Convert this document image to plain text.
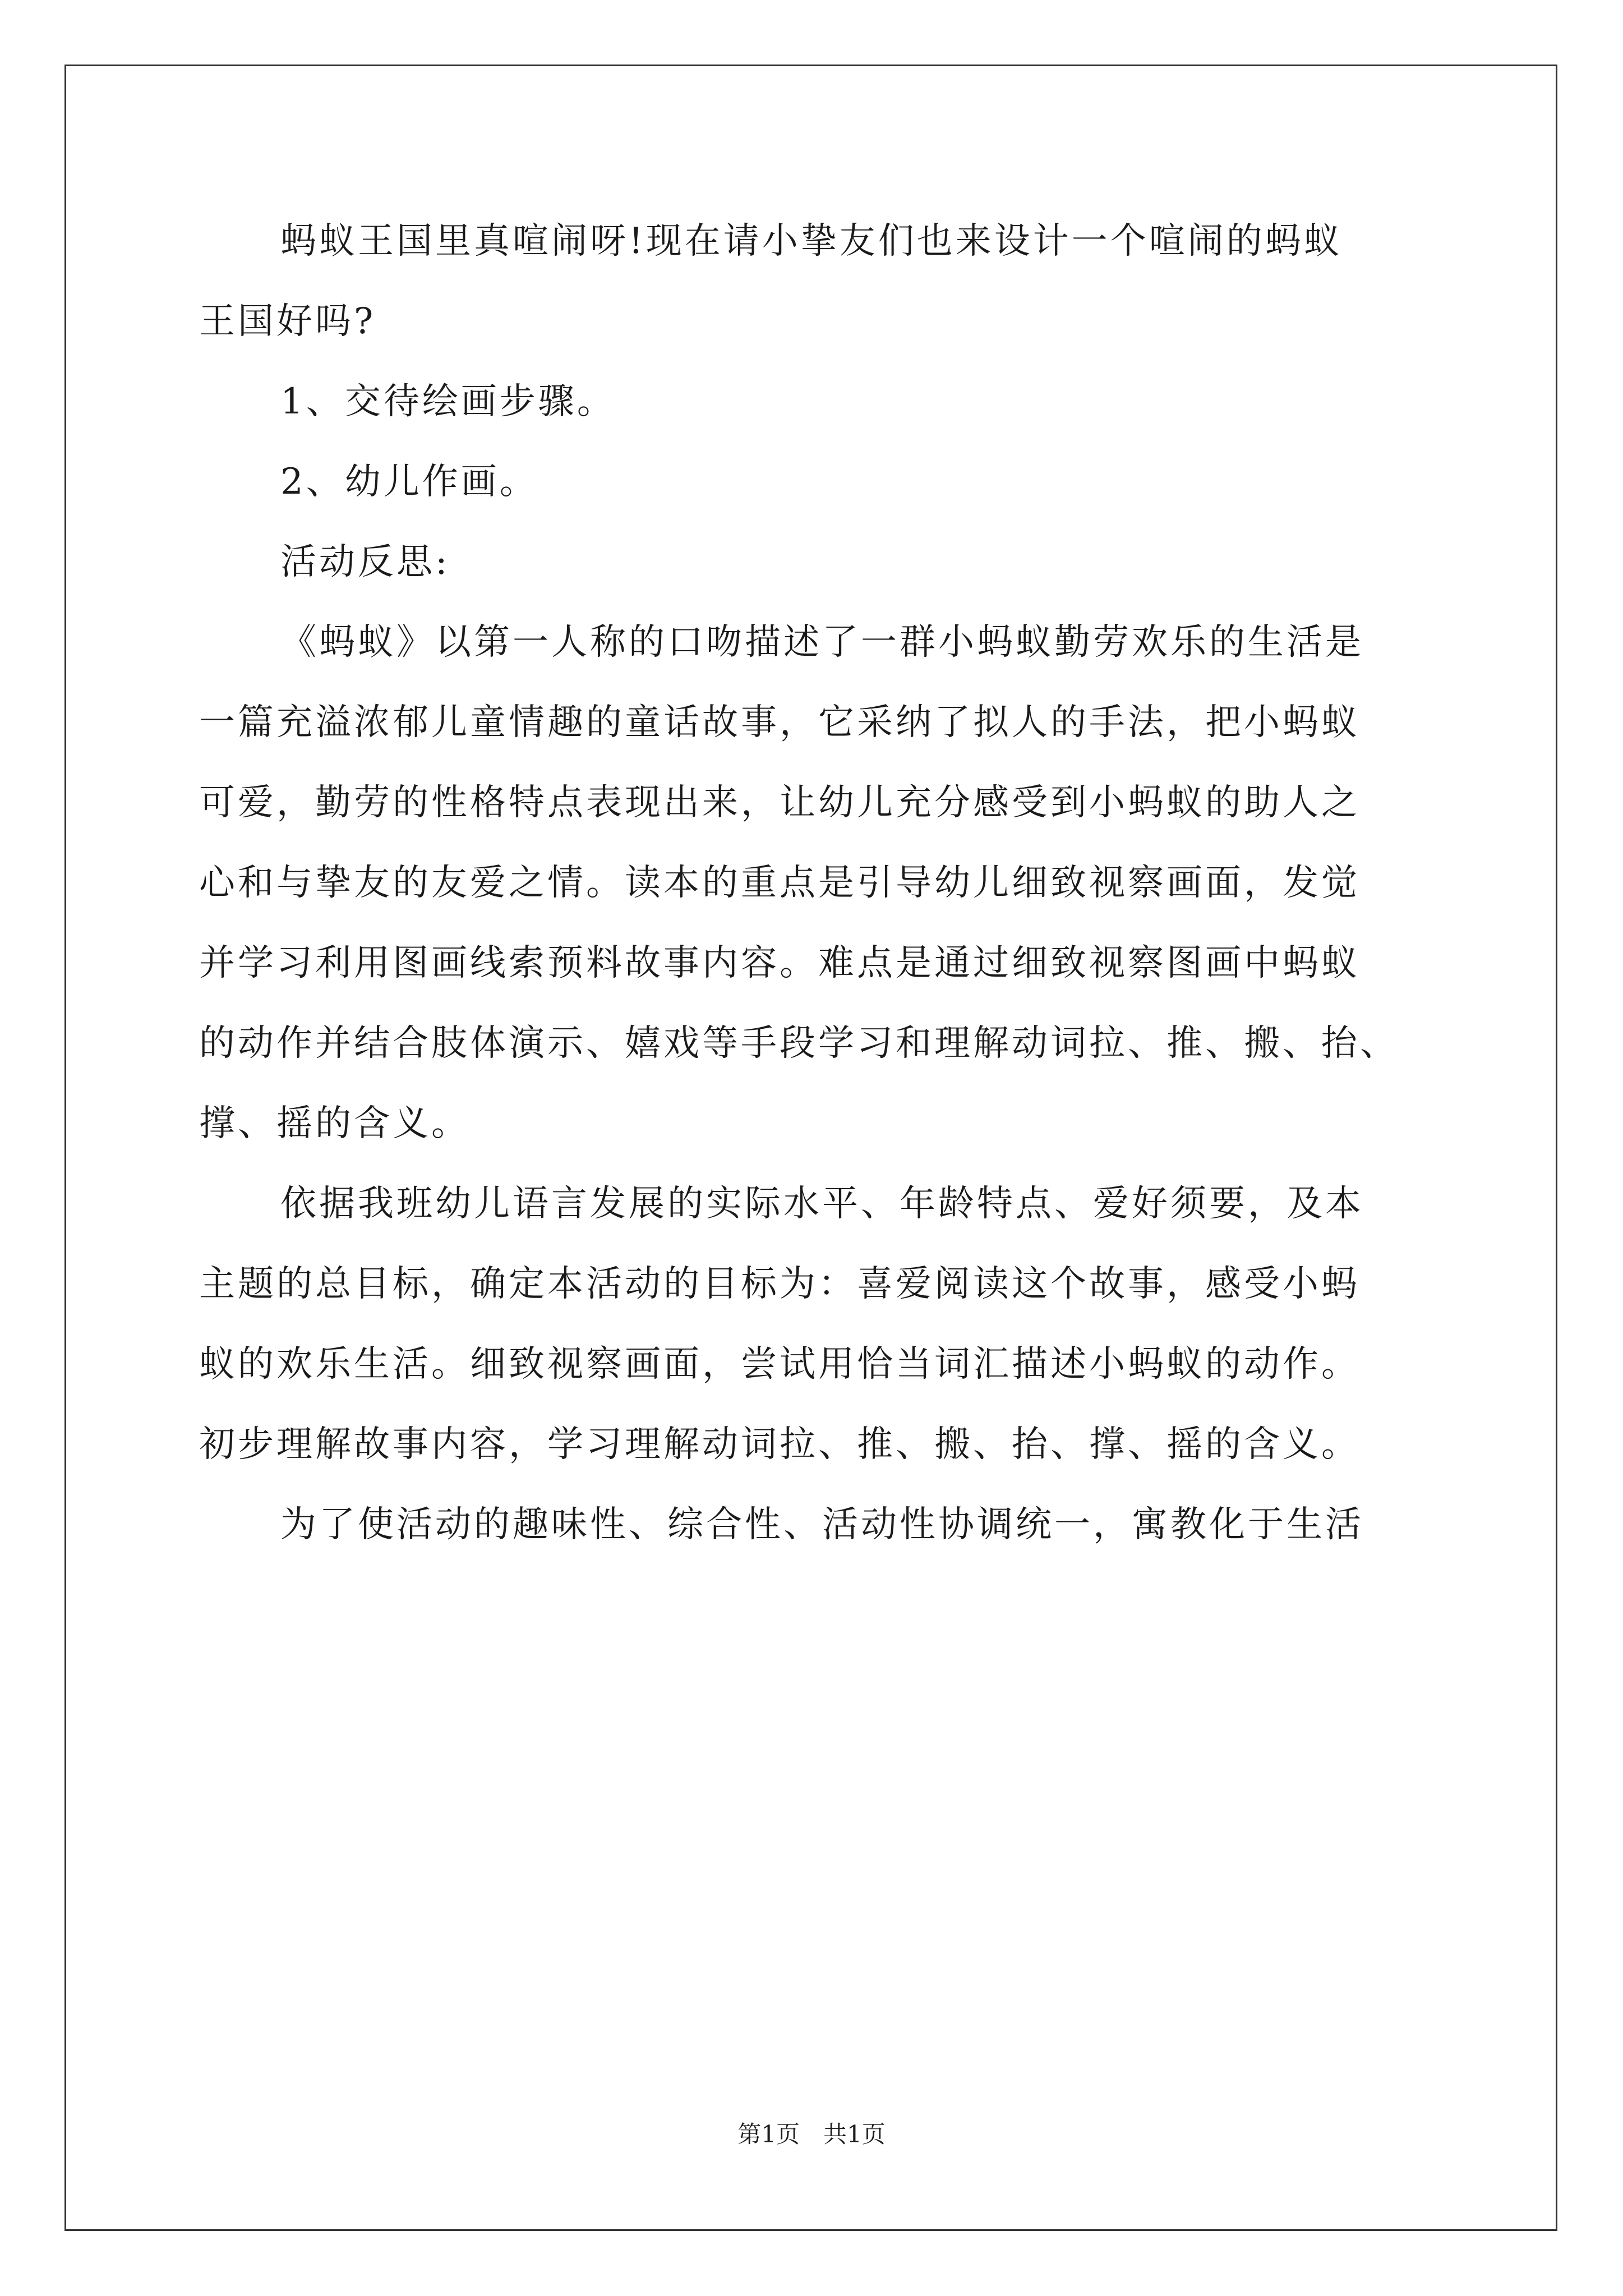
蚂蚁王国里真喧闹呀!现在请小挚友们也来设计一个喧闹的蚂蚁
王国好吗?
1、交待绘画步骤。
2、幼儿作画。
活动反思:
《蚂蚁》以第一人称的口吻描述了一群小蚂蚁勤劳欢乐的生活是
一篇充溢浓郁儿童情趣的童话故事，它采纳了拟人的手法，把小蚂蚁
可爱，勤劳的性格特点表现出来，让幼儿充分感受到小蚂蚁的助人之
心和与挚友的友爱之情。读本的重点是引导幼儿细致视察画面，发觉
并学习利用图画线索预料故事内容。难点是通过细致视察图画中蚂蚁
的动作并结合肢体演示、嬉戏等手段学习和理解动词拉、推、搬、抬、
撑、摇的含义。
依据我班幼儿语言发展的实际水平、年龄特点、爱好须要，及本
主题的总目标，确定本活动的目标为：喜爱阅读这个故事，感受小蚂
蚁的欢乐生活。细致视察画面，尝试用恰当词汇描述小蚂蚁的动作。
初步理解故事内容，学习理解动词拉、推、搬、抬、撑、摇的含义。
为了使活动的趣味性、综合性、活动性协调统一，寓教化于生活
第1页　共1页
